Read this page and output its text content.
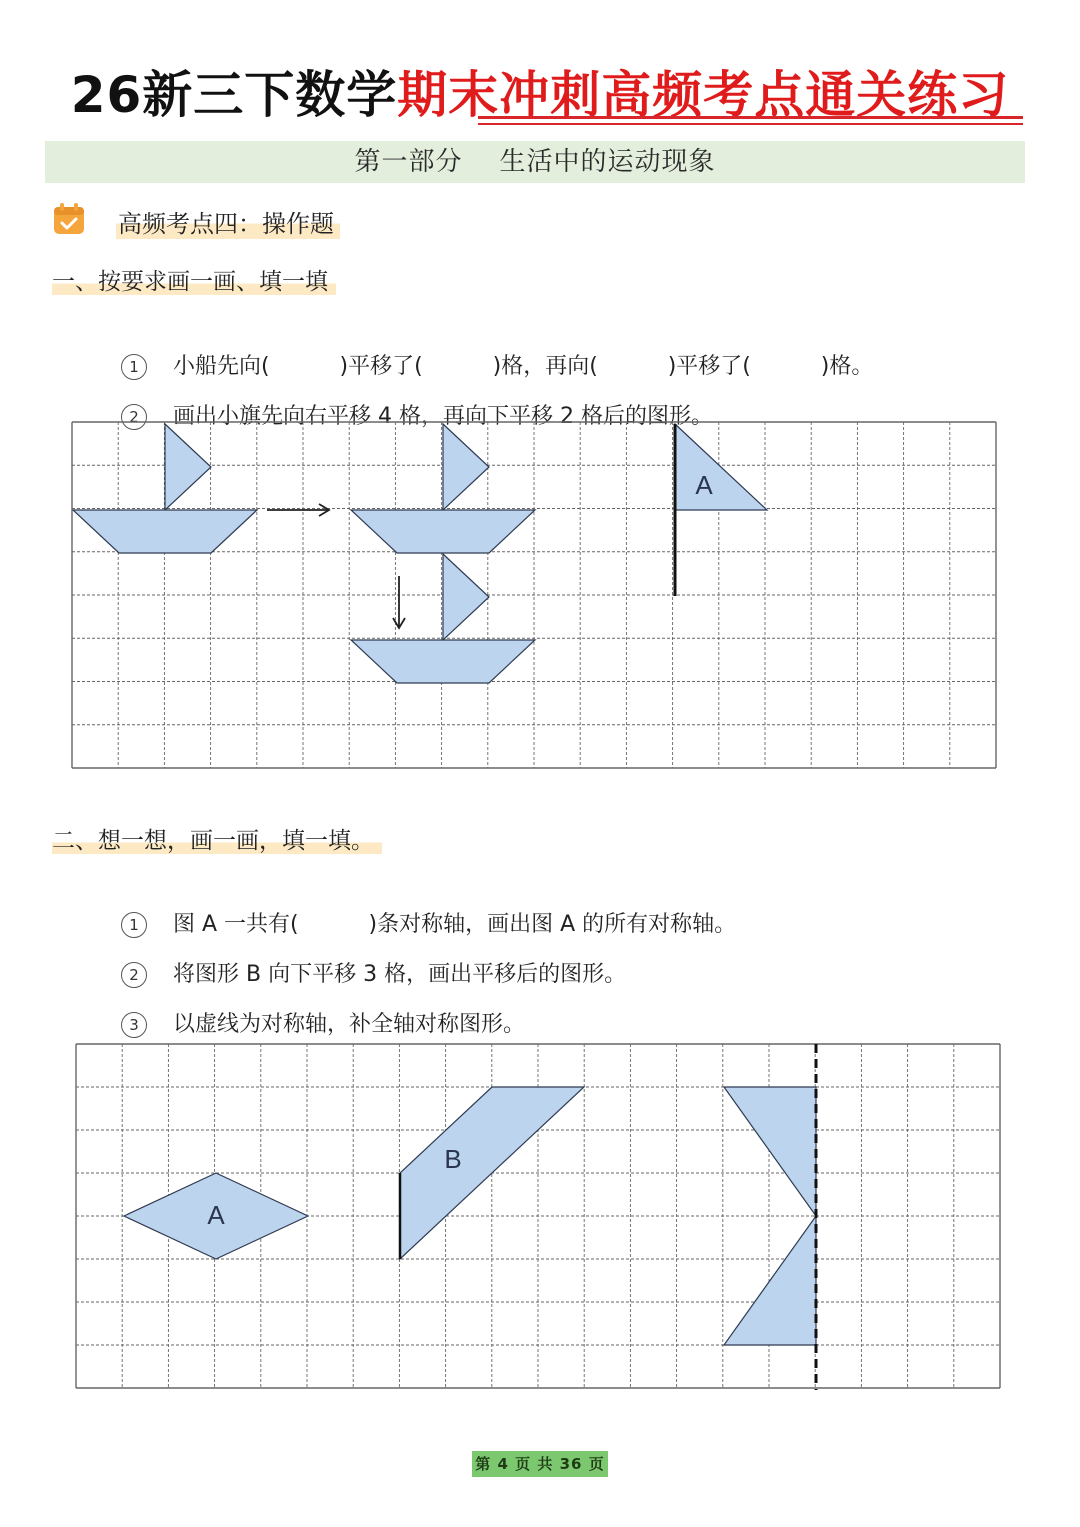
26新三下数学期末冲刺高频考点通关练习
第一部分    生活中的运动现象
高频考点四：操作题
一、按要求画一画、填一填

1 小船先向(          )平移了(          )格，再向(          )平移了(          )格。

2 画出小旗先向右平移 4 格，再向下平移 2 格后的图形。

A
二、想一想，画一画，填一填。

1 图 A 一共有(          )条对称轴，画出图 A 的所有对称轴。

2 将图形 B 向下平移 3 格，画出平移后的图形。

3 以虚线为对称轴，补全轴对称图形。

A
B
第 4 页 共 36 页
